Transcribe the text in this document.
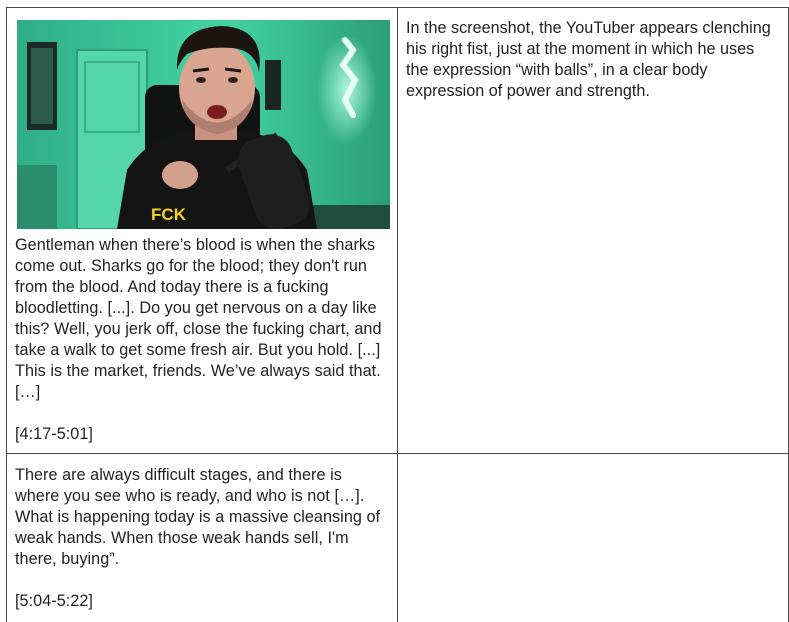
FCK

Gentleman when there’s blood is when the sharks come out. Sharks go for the blood; they don't run from the blood. And today there is a fucking bloodletting. [...]. Do you get nervous on a day like this? Well, you jerk off, close the fucking chart, and take a walk to get some fresh air. But you hold. [...] This is the market, friends. We’ve always said that. […]

[4:17-5:01]	In the screenshot, the YouTuber appears clenching his right fist, just at the moment in which he uses the expression “with balls”, in a clear body expression of power and strength.

There are always difficult stages, and there is where you see who is ready, and who is not […]. What is happening today is a massive cleansing of weak hands. When those weak hands sell, I'm there, buying”.

[5:04-5:22]	
